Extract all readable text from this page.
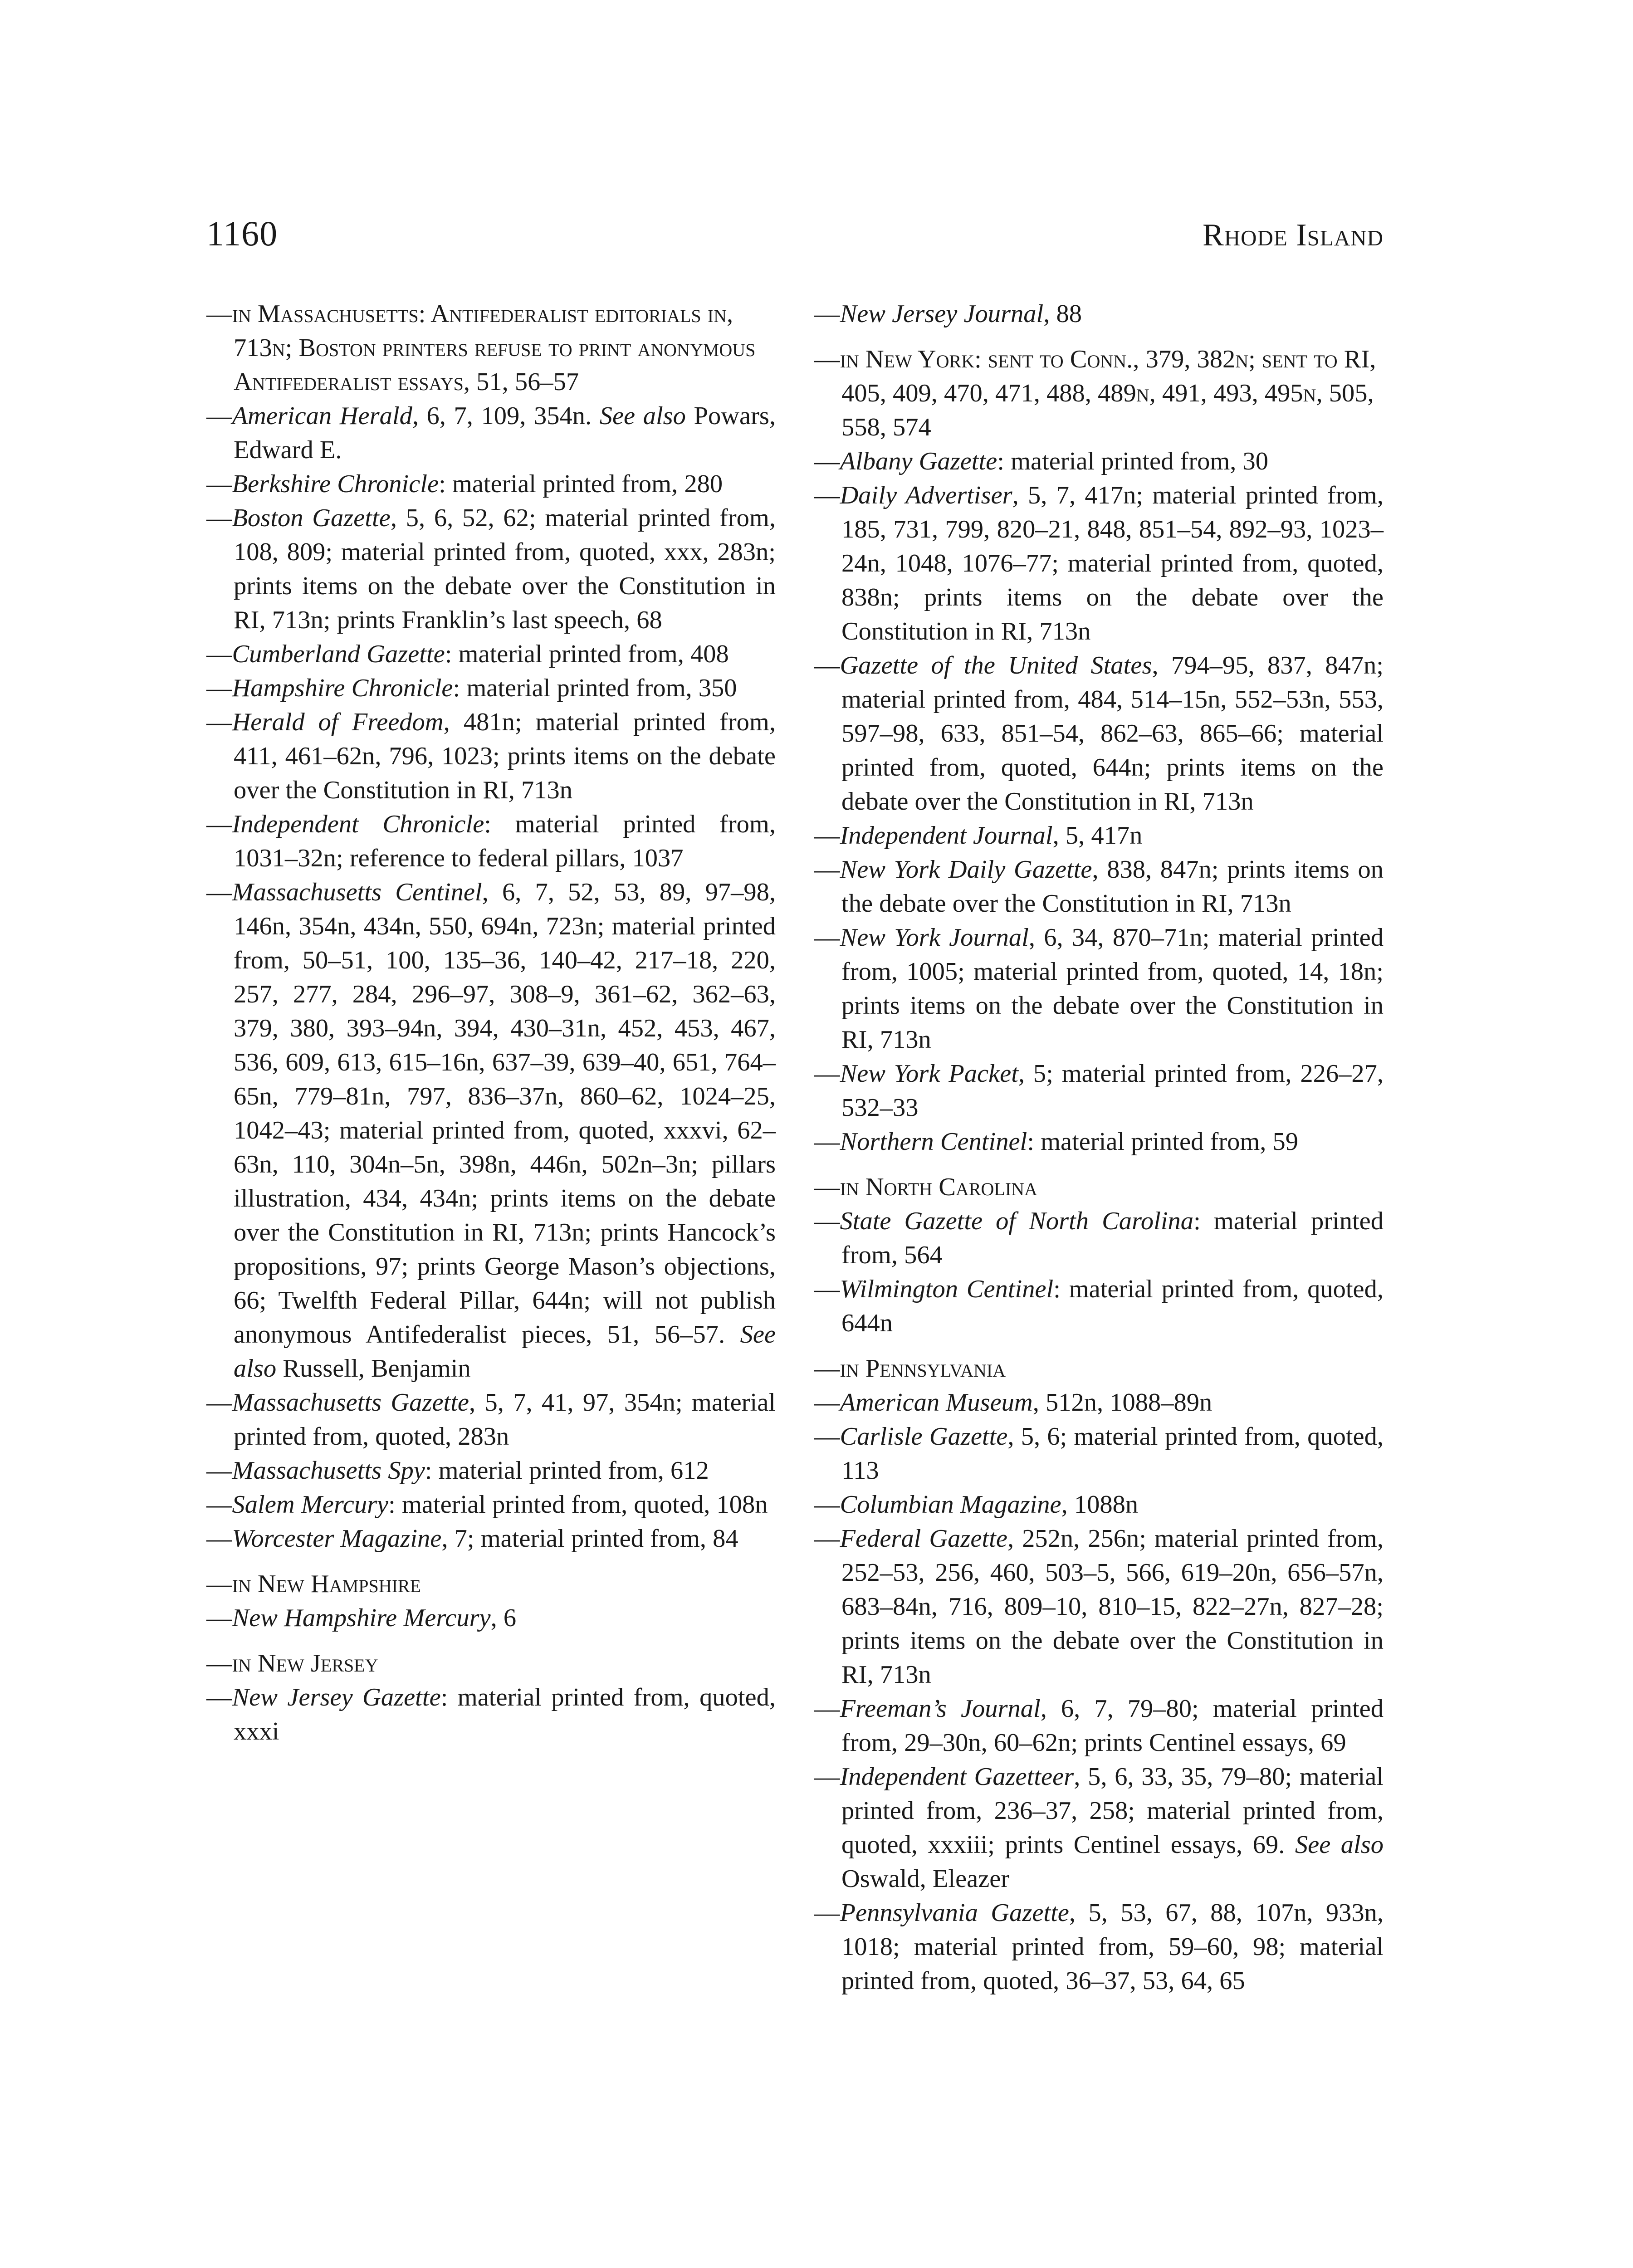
1160	Rhode Island
—in Massachusetts: Antifederalist editorials in, 713n; Boston printers refuse to print anonymous Antifederalist essays, 51, 56–57
—American Herald, 6, 7, 109, 354n. See also Powars, Edward E.
—Berkshire Chronicle: material printed from, 280
—Boston Gazette, 5, 6, 52, 62; material printed from, 108, 809; material printed from, quoted, xxx, 283n; prints items on the debate over the Constitution in RI, 713n; prints Franklin’s last speech, 68
—Cumberland Gazette: material printed from, 408
—Hampshire Chronicle: material printed from, 350
—Herald of Freedom, 481n; material printed from, 411, 461–62n, 796, 1023; prints items on the debate over the Constitution in RI, 713n
—Independent Chronicle: material printed from, 1031–32n; reference to federal pillars, 1037
—Massachusetts Centinel, 6, 7, 52, 53, 89, 97–98, 146n, 354n, 434n, 550, 694n, 723n; material printed from, 50–51, 100, 135–36, 140–42, 217–18, 220, 257, 277, 284, 296–97, 308–9, 361–62, 362–63, 379, 380, 393–94n, 394, 430–31n, 452, 453, 467, 536, 609, 613, 615–16n, 637–39, 639–40, 651, 764–65n, 779–81n, 797, 836–37n, 860–62, 1024–25, 1042–43; material printed from, quoted, xxxvi, 62–63n, 110, 304n–5n, 398n, 446n, 502n–3n; pillars illustration, 434, 434n; prints items on the debate over the Constitution in RI, 713n; prints Hancock’s propositions, 97; prints George Mason’s objections, 66; Twelfth Federal Pillar, 644n; will not publish anonymous Antifederalist pieces, 51, 56–57. See also Russell, Benjamin
—Massachusetts Gazette, 5, 7, 41, 97, 354n; material printed from, quoted, 283n
—Massachusetts Spy: material printed from, 612
—Salem Mercury: material printed from, quoted, 108n
—Worcester Magazine, 7; material printed from, 84
—in New Hampshire
—New Hampshire Mercury, 6
—in New Jersey
—New Jersey Gazette: material printed from, quoted, xxxi
—New Jersey Journal, 88
—in New York: sent to Conn., 379, 382n; sent to RI, 405, 409, 470, 471, 488, 489n, 491, 493, 495n, 505, 558, 574
—Albany Gazette: material printed from, 30
—Daily Advertiser, 5, 7, 417n; material printed from, 185, 731, 799, 820–21, 848, 851–54, 892–93, 1023–24n, 1048, 1076–77; material printed from, quoted, 838n; prints items on the debate over the Constitution in RI, 713n
—Gazette of the United States, 794–95, 837, 847n; material printed from, 484, 514–15n, 552–53n, 553, 597–98, 633, 851–54, 862–63, 865–66; material printed from, quoted, 644n; prints items on the debate over the Constitution in RI, 713n
—Independent Journal, 5, 417n
—New York Daily Gazette, 838, 847n; prints items on the debate over the Constitution in RI, 713n
—New York Journal, 6, 34, 870–71n; material printed from, 1005; material printed from, quoted, 14, 18n; prints items on the debate over the Constitution in RI, 713n
—New York Packet, 5; material printed from, 226–27, 532–33
—Northern Centinel: material printed from, 59
—in North Carolina
—State Gazette of North Carolina: material printed from, 564
—Wilmington Centinel: material printed from, quoted, 644n
—in Pennsylvania
—American Museum, 512n, 1088–89n
—Carlisle Gazette, 5, 6; material printed from, quoted, 113
—Columbian Magazine, 1088n
—Federal Gazette, 252n, 256n; material printed from, 252–53, 256, 460, 503–5, 566, 619–20n, 656–57n, 683–84n, 716, 809–10, 810–15, 822–27n, 827–28; prints items on the debate over the Constitution in RI, 713n
—Freeman’s Journal, 6, 7, 79–80; material printed from, 29–30n, 60–62n; prints Centinel essays, 69
—Independent Gazetteer, 5, 6, 33, 35, 79–80; material printed from, 236–37, 258; material printed from, quoted, xxxiii; prints Centinel essays, 69. See also Oswald, Eleazer
—Pennsylvania Gazette, 5, 53, 67, 88, 107n, 933n, 1018; material printed from, 59–60, 98; material printed from, quoted, 36–37, 53, 64, 65
